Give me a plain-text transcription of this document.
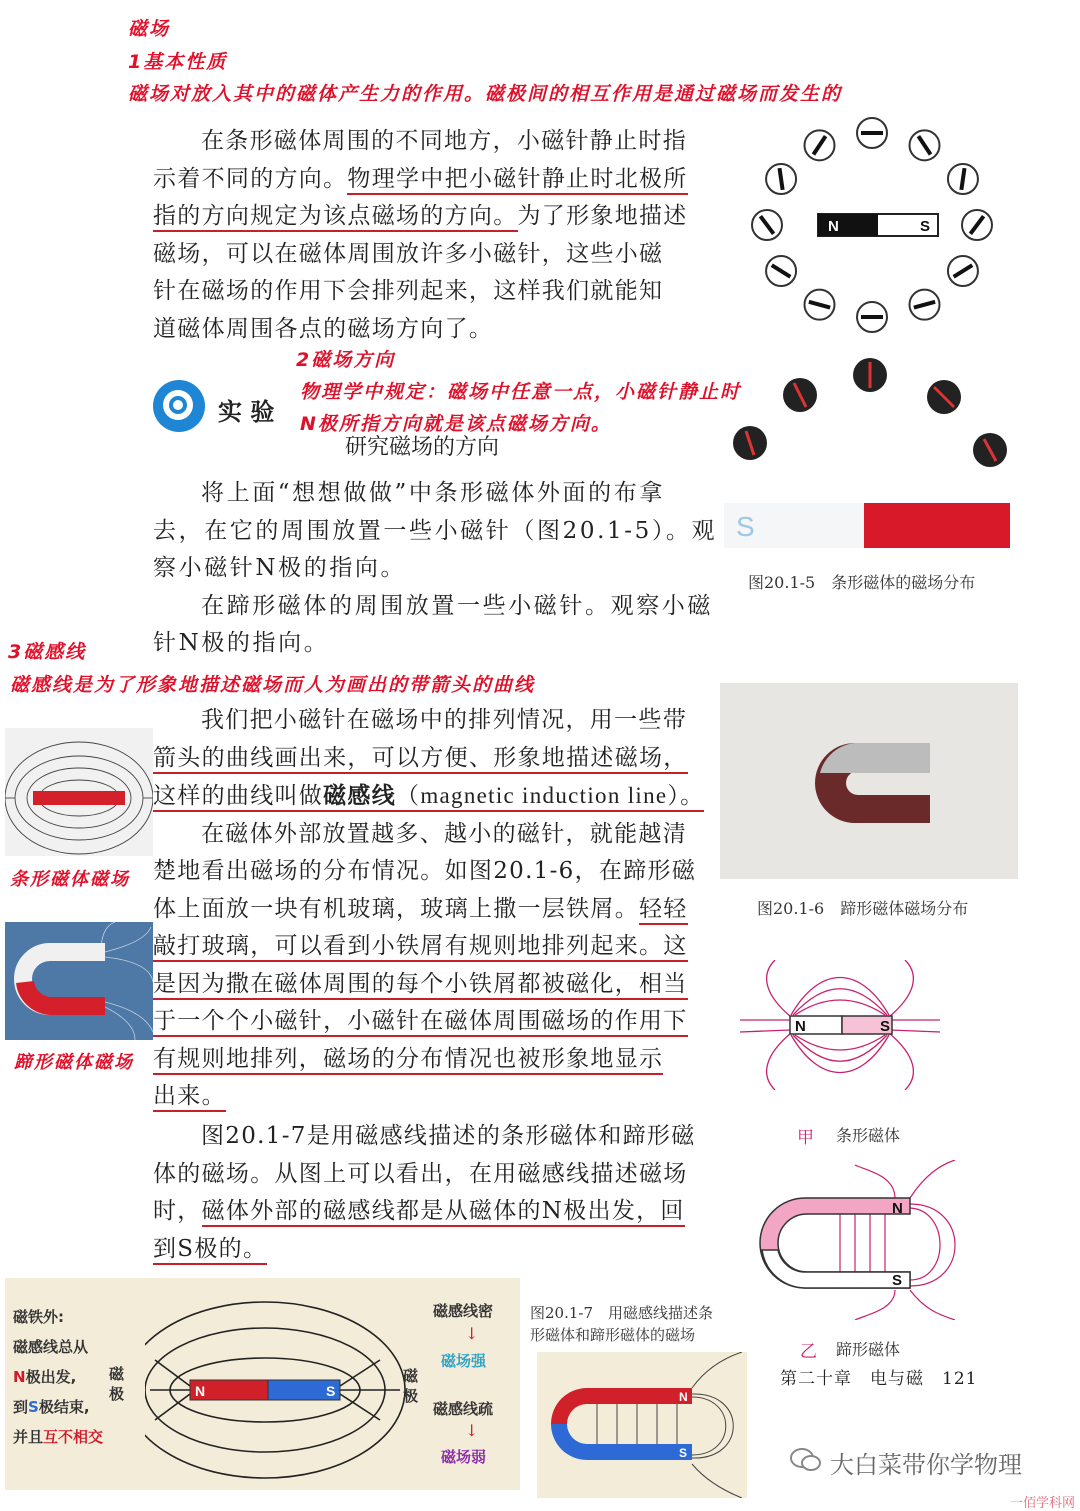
磁场
1基本性质
磁场对放入其中的磁体产生力的作用。磁极间的相互作用是通过磁场而发生的

在条形磁体周围的不同地方，小磁针静止时指

示着不同的方向。物理学中把小磁针静止时北极所

指的方向规定为该点磁场的方向。为了形象地描述

磁场，可以在磁体周围放许多小磁针，这些小磁

针在磁场的作用下会排列起来，这样我们就能知

道磁体周围各点的磁场方向了。

N	S
实 验
研究磁场的方向
2磁场方向
物理学中规定：磁场中任意一点，小磁针静止时
N极所指方向就是该点磁场方向。
S
图20.1-5　条形磁体的磁场分布

将上面“想想做做”中条形磁体外面的布拿

去，在它的周围放置一些小磁针（图20.1-5）。观

察小磁针N极的指向。

在蹄形磁体的周围放置一些小磁针。观察小磁

针N极的指向。

3磁感线
磁感线是为了形象地描述磁场而人为画出的带箭头的曲线
条形磁体磁场
蹄形磁体磁场

我们把小磁针在磁场中的排列情况，用一些带

箭头的曲线画出来，可以方便、形象地描述磁场，

这样的曲线叫做磁感线（magnetic induction line）。

在磁体外部放置越多、越小的磁针，就能越清

楚地看出磁场的分布情况。如图20.1-6，在蹄形磁

体上面放一块有机玻璃，玻璃上撒一层铁屑。轻轻

敲打玻璃，可以看到小铁屑有规则地排列起来。这

是因为撒在磁体周围的每个小铁屑都被磁化，相当

于一个个小磁针，小磁针在磁体周围磁场的作用下

有规则地排列，磁场的分布情况也被形象地显示

出来。

图20.1-6　蹄形磁体磁场分布
N	S
甲 条形磁体
N
S
乙 蹄形磁体

图20.1-7是用磁感线描述的条形磁体和蹄形磁

体的磁场。从图上可以看出，在用磁感线描述磁场

时，磁体外部的磁感线都是从磁体的N极出发，回

到S极的。

磁铁外:
磁感线总从
N极出发,
到S极结束,
并且互不相交
N	S
磁
极
磁
极
磁感线密
↓
磁场强
磁感线疏
↓
磁场弱
图20.1-7　用磁感线描述条
形磁体和蹄形磁体的磁场
N
S
第二十章　电与磁　121
大白菜带你学物理
一佰学科网
